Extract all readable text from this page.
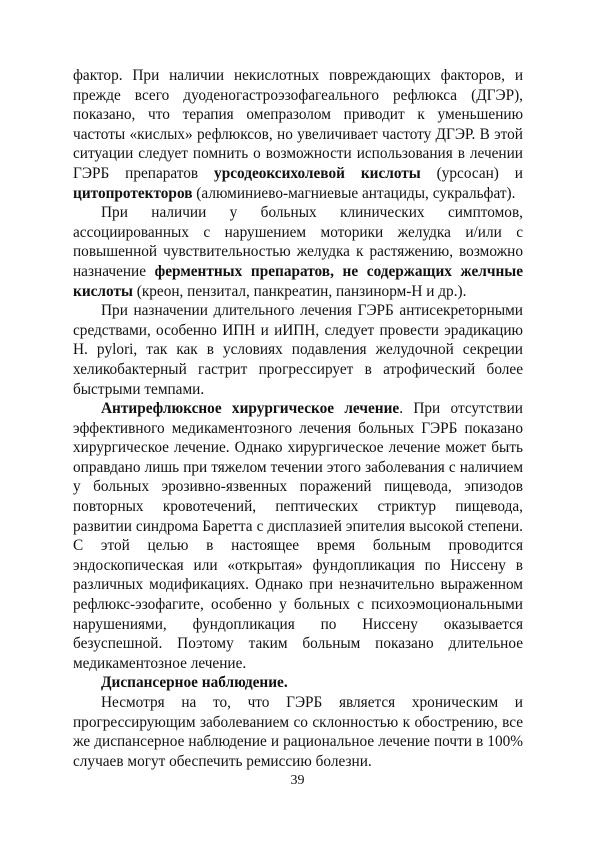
фактор. При наличии некислотных повреждающих факторов, и прежде всего дуоденогастроэзофагеального рефлюкса (ДГЭР), показано, что терапия омепразолом приводит к уменьшению частоты «кислых» рефлюксов, но увеличивает частоту ДГЭР. В этой ситуации следует помнить о возможности использования в лечении ГЭРБ препаратов урсодеоксихолевой кислоты (урсосан) и цитопротекторов (алюминиево-магниевые антациды, сукральфат).

При наличии у больных клинических симптомов, ассоциированных с нарушением моторики желудка и/или с повышенной чувствительностью желудка к растяжению, возможно назначение ферментных препаратов, не содержащих желчные кислоты (креон, пензитал, панкреатин, панзинорм-Н и др.).

При назначении длительного лечения ГЭРБ антисекреторными средствами, особенно ИПН и иИПН, следует провести эрадикацию H. pylori, так как в условиях подавления желудочной секреции хеликобактерный гастрит прогрессирует в атрофический более быстрыми темпами.

Антирефлюксное хирургическое лечение. При отсутствии эффективного медикаментозного лечения больных ГЭРБ показано хирургическое лечение. Однако хирургическое лечение может быть оправдано лишь при тяжелом течении этого заболевания с наличием у больных эрозивно-язвенных поражений пищевода, эпизодов повторных кровотечений, пептических стриктур пищевода, развитии синдрома Баретта с дисплазией эпителия высокой степени. С этой целью в настоящее время больным проводится эндоскопическая или «открытая» фундопликация по Ниссену в различных модификациях. Однако при незначительно выраженном рефлюкс-эзофагите, особенно у больных с психоэмоциональными нарушениями, фундопликация по Ниссену оказывается безуспешной. Поэтому таким больным показано длительное медикаментозное лечение.

Диспансерное наблюдение.

Несмотря на то, что ГЭРБ является хроническим и прогрессирующим заболеванием со склонностью к обострению, все же диспансерное наблюдение и рациональное лечение почти в 100% случаев могут обеспечить ремиссию болезни.

39
